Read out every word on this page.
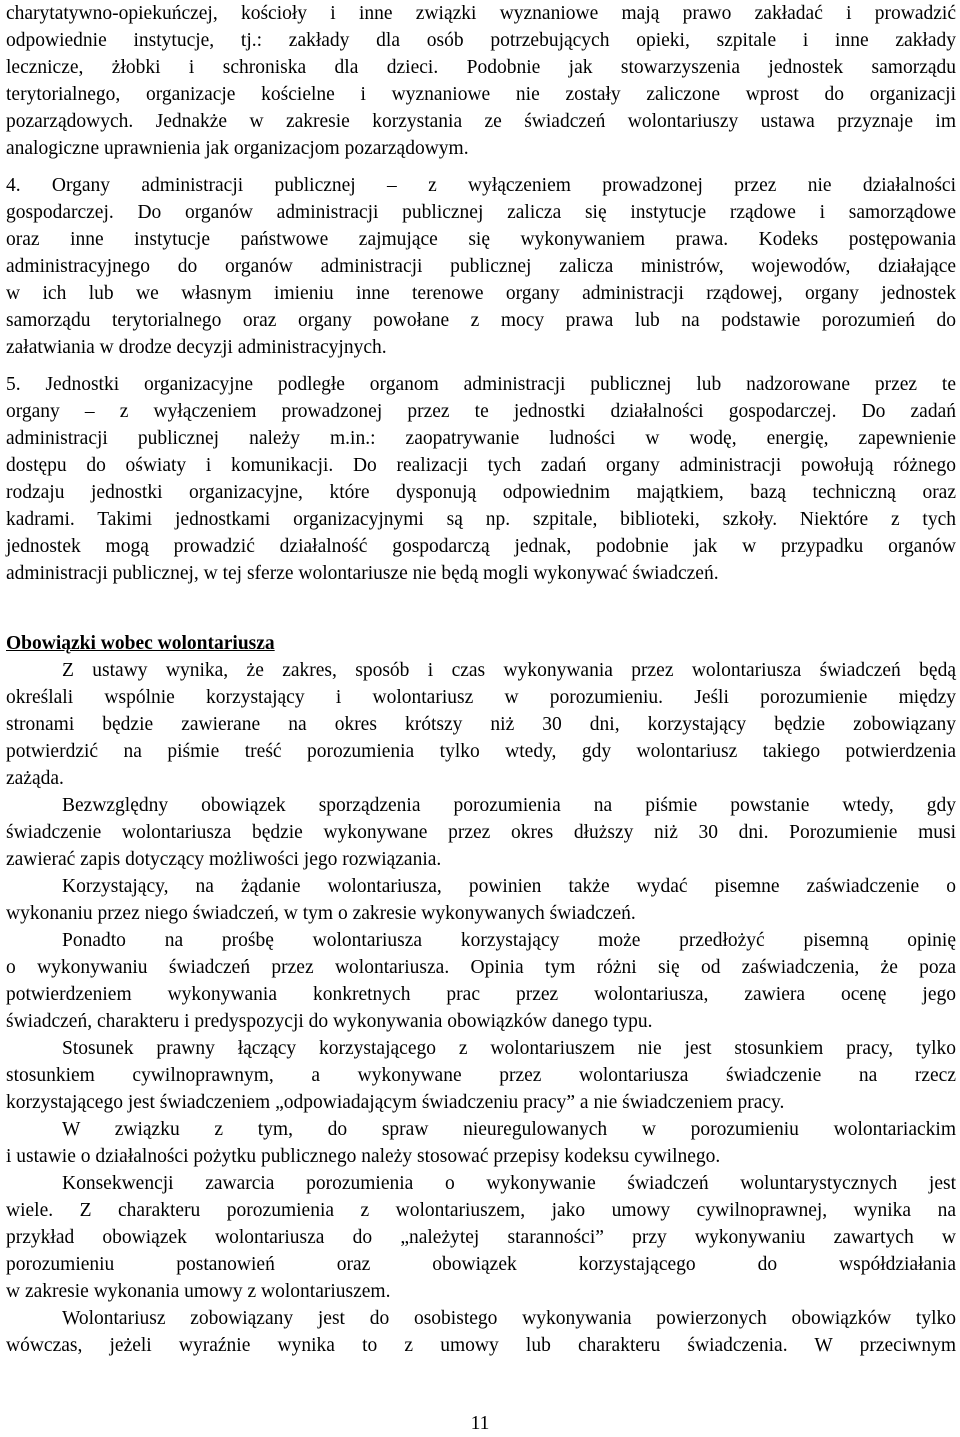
charytatywno-opiekuńczej, kościoły i inne związki wyznaniowe mają prawo zakładać i prowadzić
odpowiednie instytucje, tj.: zakłady dla osób potrzebujących opieki, szpitale i inne zakłady
lecznicze, żłobki i schroniska dla dzieci. Podobnie jak stowarzyszenia jednostek samorządu
terytorialnego, organizacje kościelne i wyznaniowe nie zostały zaliczone wprost do organizacji
pozarządowych. Jednakże w zakresie korzystania ze świadczeń wolontariuszy ustawa przyznaje im
analogiczne uprawnienia jak organizacjom pozarządowym.
4. Organy administracji publicznej – z wyłączeniem prowadzonej przez nie działalności
gospodarczej. Do organów administracji publicznej zalicza się instytucje rządowe i samorządowe
oraz inne instytucje państwowe zajmujące się wykonywaniem prawa. Kodeks postępowania
administracyjnego do organów administracji publicznej zalicza ministrów, wojewodów, działające
w ich lub we własnym imieniu inne terenowe organy administracji rządowej, organy jednostek
samorządu terytorialnego oraz organy powołane z mocy prawa lub na podstawie porozumień do
załatwiania w drodze decyzji administracyjnych.
5. Jednostki organizacyjne podległe organom administracji publicznej lub nadzorowane przez te
organy – z wyłączeniem prowadzonej przez te jednostki działalności gospodarczej. Do zadań
administracji publicznej należy m.in.: zaopatrywanie ludności w wodę, energię, zapewnienie
dostępu do oświaty i komunikacji. Do realizacji tych zadań organy administracji powołują różnego
rodzaju jednostki organizacyjne, które dysponują odpowiednim majątkiem, bazą techniczną oraz
kadrami. Takimi jednostkami organizacyjnymi są np. szpitale, biblioteki, szkoły. Niektóre z tych
jednostek mogą prowadzić działalność gospodarczą jednak, podobnie jak w przypadku organów
administracji publicznej, w tej sferze wolontariusze nie będą mogli wykonywać świadczeń.
Obowiązki wobec wolontariusza
Z ustawy wynika, że zakres, sposób i czas wykonywania przez wolontariusza świadczeń będą
określali wspólnie korzystający i wolontariusz w porozumieniu. Jeśli porozumienie między
stronami będzie zawierane na okres krótszy niż 30 dni, korzystający będzie zobowiązany
potwierdzić na piśmie treść porozumienia tylko wtedy, gdy wolontariusz takiego potwierdzenia
zażąda.
Bezwzględny obowiązek sporządzenia porozumienia na piśmie powstanie wtedy, gdy
świadczenie wolontariusza będzie wykonywane przez okres dłuższy niż 30 dni. Porozumienie musi
zawierać zapis dotyczący możliwości jego rozwiązania.
Korzystający, na żądanie wolontariusza, powinien także wydać pisemne zaświadczenie o
wykonaniu przez niego świadczeń, w tym o zakresie wykonywanych świadczeń.
Ponadto na prośbę wolontariusza korzystający może przedłożyć pisemną opinię
o wykonywaniu świadczeń przez wolontariusza. Opinia tym różni się od zaświadczenia, że poza
potwierdzeniem wykonywania konkretnych prac przez wolontariusza, zawiera ocenę jego
świadczeń, charakteru i predyspozycji do wykonywania obowiązków danego typu.
Stosunek prawny łączący korzystającego z wolontariuszem nie jest stosunkiem pracy, tylko
stosunkiem cywilnoprawnym, a wykonywane przez wolontariusza świadczenie na rzecz
korzystającego jest świadczeniem „odpowiadającym świadczeniu pracy” a nie świadczeniem pracy.
W związku z tym, do spraw nieuregulowanych w porozumieniu wolontariackim
i ustawie o działalności pożytku publicznego należy stosować przepisy kodeksu cywilnego.
Konsekwencji zawarcia porozumienia o wykonywanie świadczeń woluntarystycznych jest
wiele. Z charakteru porozumienia z wolontariuszem, jako umowy cywilnoprawnej, wynika na
przykład obowiązek wolontariusza do „należytej staranności” przy wykonywaniu zawartych w
porozumieniu postanowień oraz obowiązek korzystającego do współdziałania
w zakresie wykonania umowy z wolontariuszem.
Wolontariusz zobowiązany jest do osobistego wykonywania powierzonych obowiązków tylko
wówczas, jeżeli wyraźnie wynika to z umowy lub charakteru świadczenia. W przeciwnym
11
